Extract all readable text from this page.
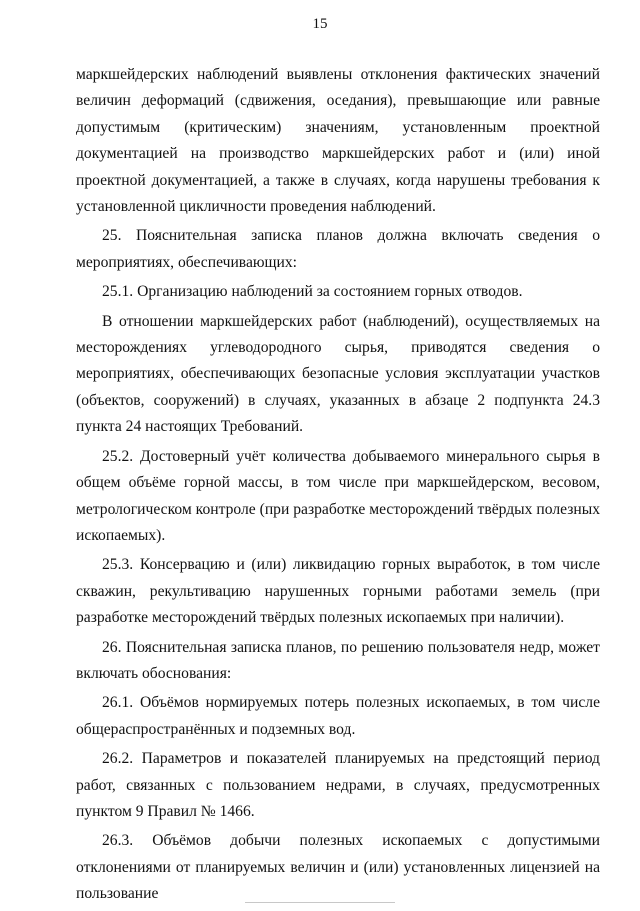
15

маркшейдерских наблюдений выявлены отклонения фактических значений величин деформаций (сдвижения, оседания), превышающие или равные допустимым (критическим) значениям, установленным проектной документацией на производство маркшейдерских работ и (или) иной проектной документацией, а также в случаях, когда нарушены требования к установленной цикличности проведения наблюдений.

25. Пояснительная записка планов должна включать сведения о мероприятиях, обеспечивающих:

25.1. Организацию наблюдений за состоянием горных отводов.

В отношении маркшейдерских работ (наблюдений), осуществляемых на месторождениях углеводородного сырья, приводятся сведения о мероприятиях, обеспечивающих безопасные условия эксплуатации участков (объектов, сооружений) в случаях, указанных в абзаце 2 подпункта 24.3 пункта 24 настоящих Требований.

25.2. Достоверный учёт количества добываемого минерального сырья в общем объёме горной массы, в том числе при маркшейдерском, весовом, метрологическом контроле (при разработке месторождений твёрдых полезных ископаемых).

25.3. Консервацию и (или) ликвидацию горных выработок, в том числе скважин, рекультивацию нарушенных горными работами земель (при разработке месторождений твёрдых полезных ископаемых при наличии).

26. Пояснительная записка планов, по решению пользователя недр, может включать обоснования:

26.1. Объёмов нормируемых потерь полезных ископаемых, в том числе общераспространённых и подземных вод.

26.2. Параметров и показателей планируемых на предстоящий период работ, связанных с пользованием недрами, в случаях, предусмотренных пунктом 9 Правил № 1466.

26.3. Объёмов добычи полезных ископаемых с допустимыми отклонениями от планируемых величин и (или) установленных лицензией на пользование
